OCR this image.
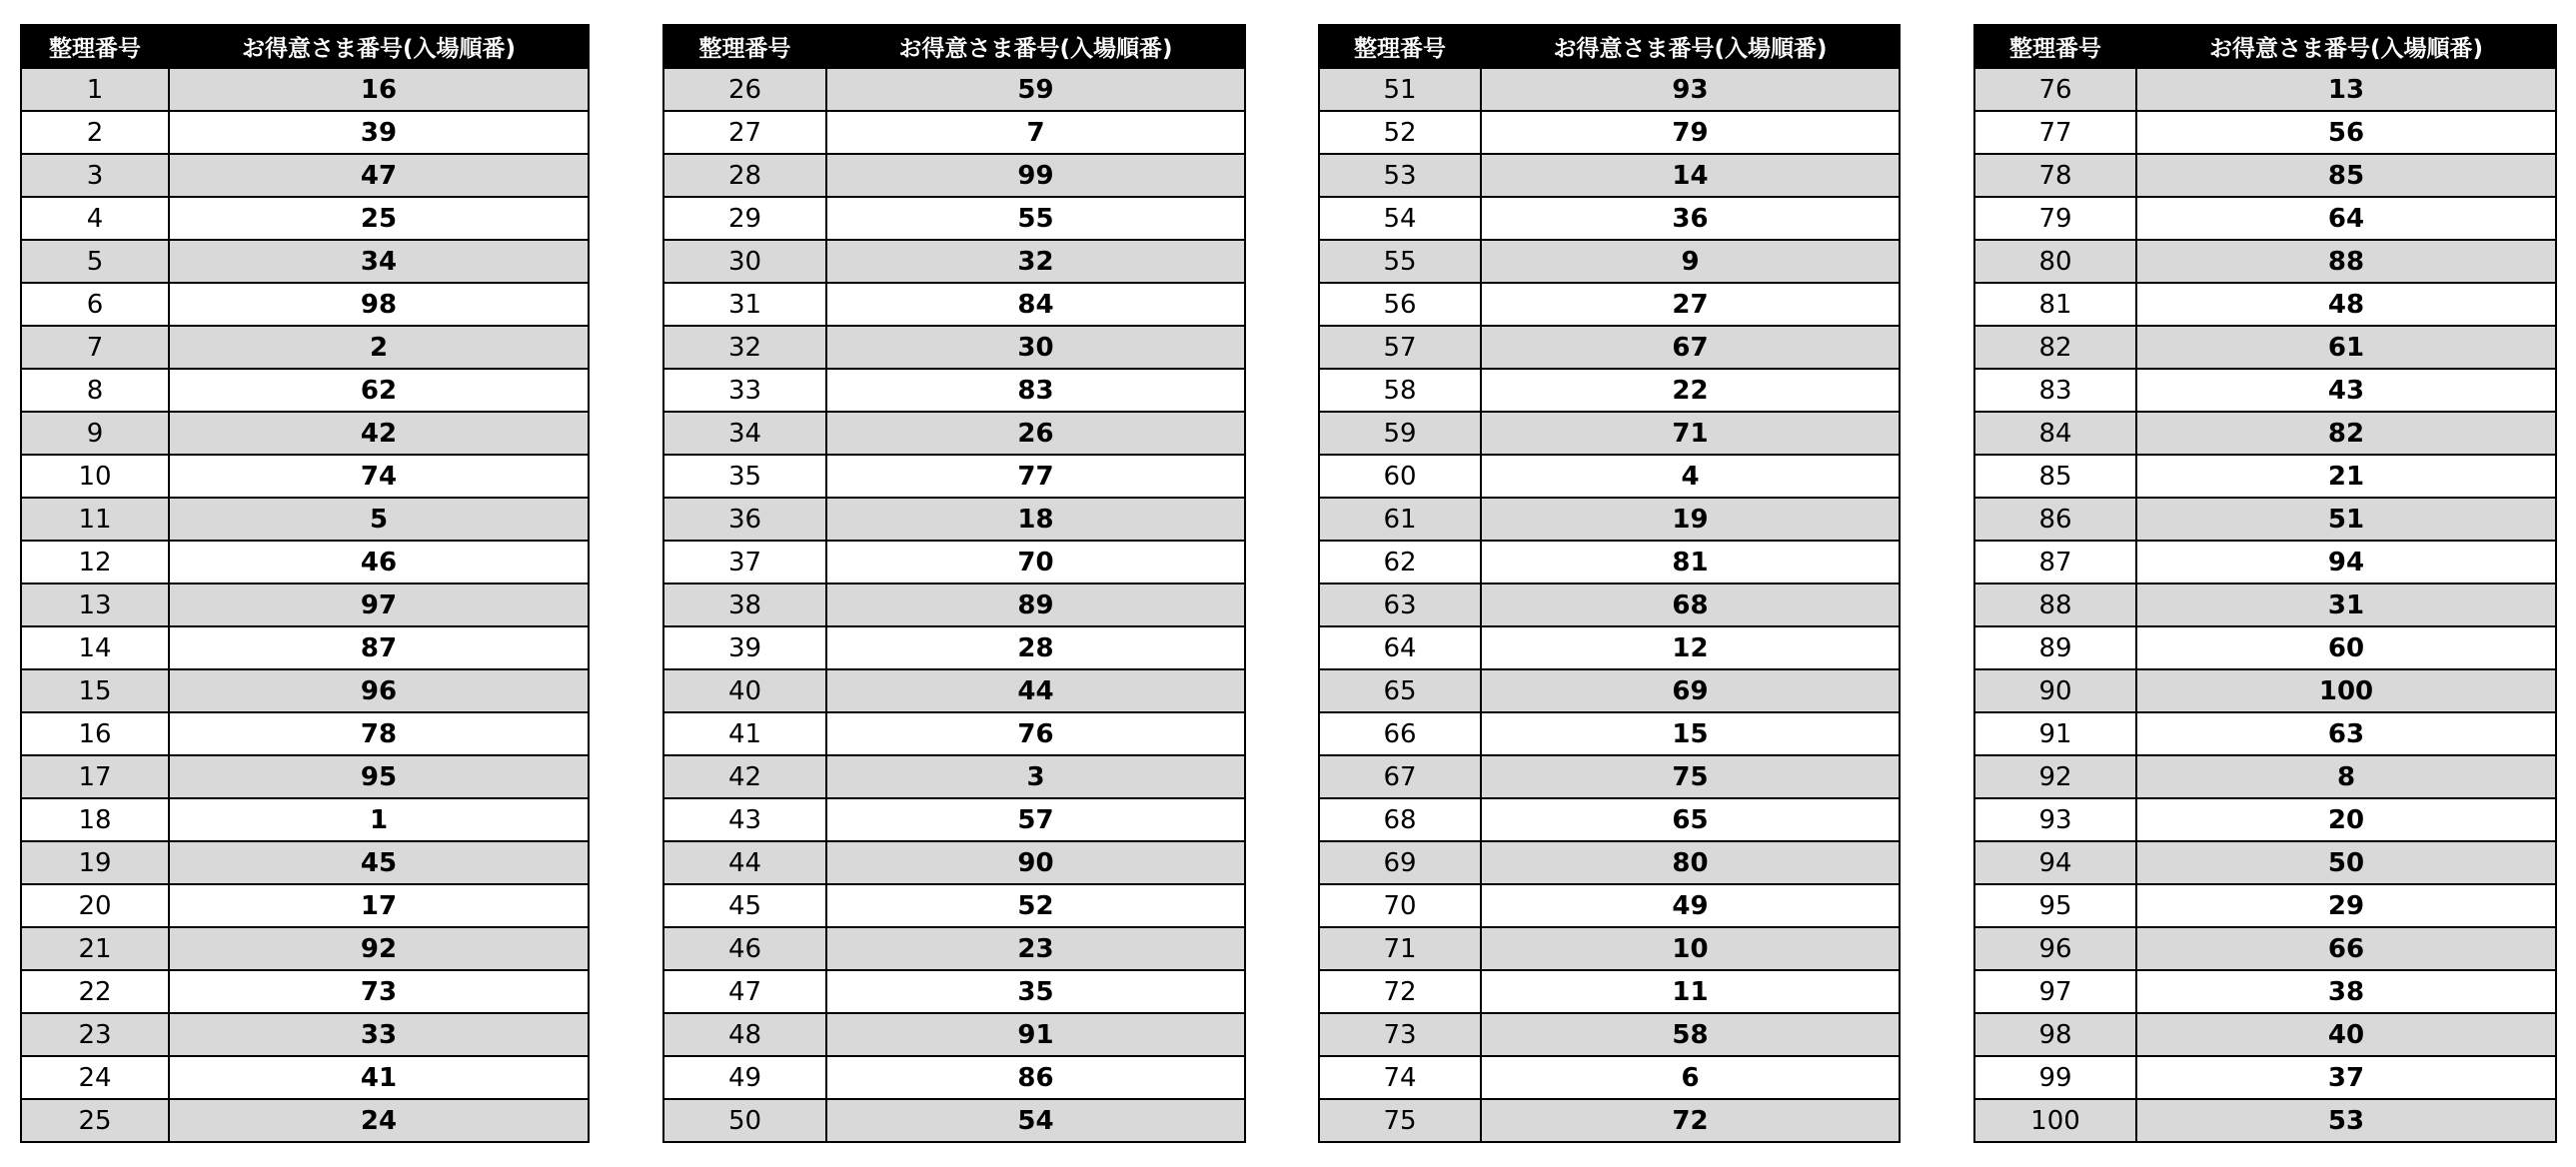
整理番号	お得意さま番号(入場順番)
1	16
2	39
3	47
4	25
5	34
6	98
7	2
8	62
9	42
10	74
11	5
12	46
13	97
14	87
15	96
16	78
17	95
18	1
19	45
20	17
21	92
22	73
23	33
24	41
25	24
整理番号	お得意さま番号(入場順番)
26	59
27	7
28	99
29	55
30	32
31	84
32	30
33	83
34	26
35	77
36	18
37	70
38	89
39	28
40	44
41	76
42	3
43	57
44	90
45	52
46	23
47	35
48	91
49	86
50	54
整理番号	お得意さま番号(入場順番)
51	93
52	79
53	14
54	36
55	9
56	27
57	67
58	22
59	71
60	4
61	19
62	81
63	68
64	12
65	69
66	15
67	75
68	65
69	80
70	49
71	10
72	11
73	58
74	6
75	72
整理番号	お得意さま番号(入場順番)
76	13
77	56
78	85
79	64
80	88
81	48
82	61
83	43
84	82
85	21
86	51
87	94
88	31
89	60
90	100
91	63
92	8
93	20
94	50
95	29
96	66
97	38
98	40
99	37
100	53
